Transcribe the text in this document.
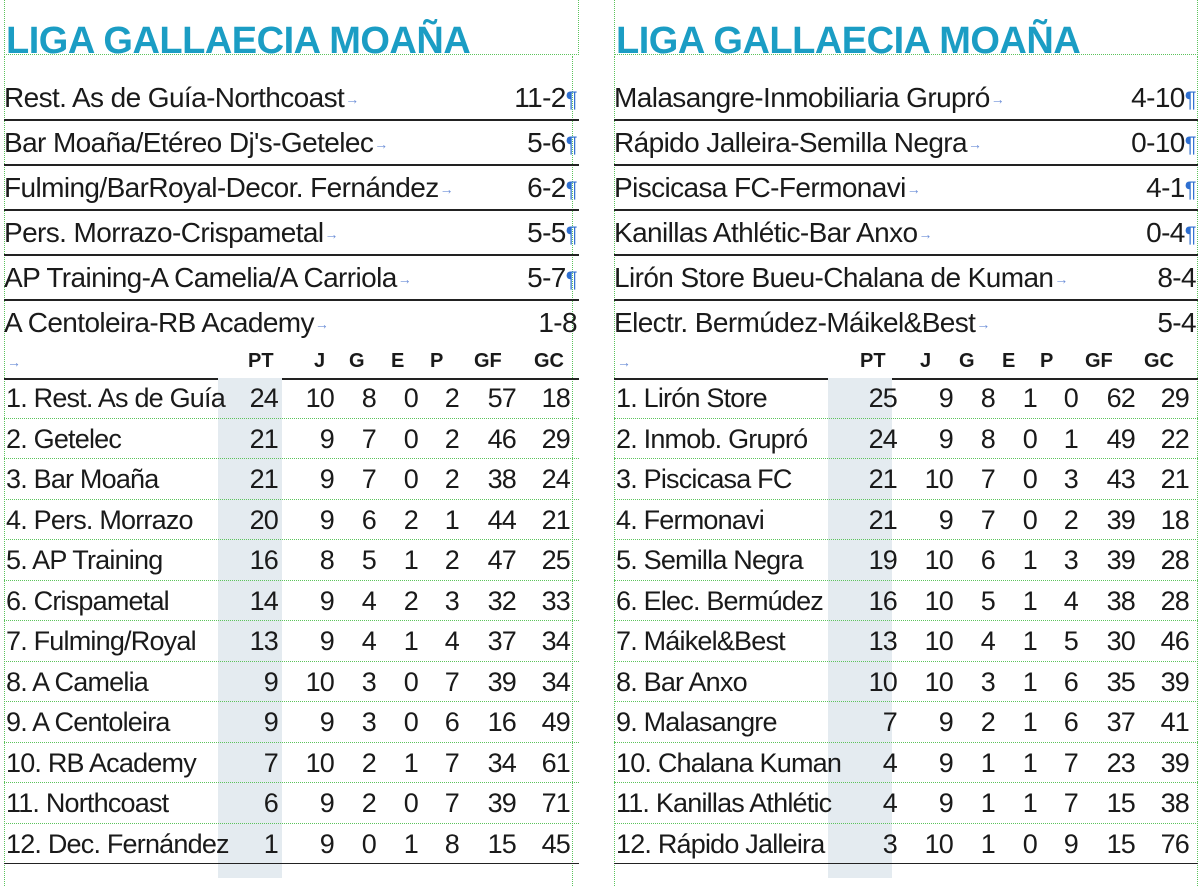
LIGA GALLAECIA MOAÑA
Rest. As de Guía-Northcoast→	11-2¶
Bar Moaña/Etéreo Dj's-Getelec→	5-6¶
Fulming/BarRoyal-Decor. Fernández→	6-2¶
Pers. Morrazo-Crispametal→	5-5¶
AP Training-A Camelia/A Carriola→	5-7¶
A Centoleira-RB Academy→	1-8
→	PT J G E P GF GC
1. Rest. As de Guía 24 10 8 0 2 57 18
2. Getelec	21 9 7 0 2 46 29
3. Bar Moaña	21 9 7 0 2 38 24
4. Pers. Morrazo 20 9 6 2 1 44 21
5. AP Training	16 8 5 1 2 47 25
6. Crispametal	14 9 4 2 3 32 33
7. Fulming/Royal 13 9 4 1 4 37 34
8. A Camelia	9 10 3 0 7 39 34
9. A Centoleira	9 9 3 0 6 16 49
10. RB Academy	7 10 2 1 7 34 61
11. Northcoast	6 9 2 0 7 39 71
12. Dec. Fernández 1 9 0 1 8 15 45
LIGA GALLAECIA MOAÑA
Malasangre-Inmobiliaria Grupró→	4-10¶
Rápido Jalleira-Semilla Negra→	0-10¶
Piscicasa FC-Fermonavi→	4-1¶
Kanillas Athlétic-Bar Anxo→	0-4¶
Lirón Store Bueu-Chalana de Kuman→	8-4
Electr. Bermúdez-Máikel&Best→	5-4
→	PT J G E P GF GC
1. Lirón Store	25 9 8 1 0 62 29
2. Inmob. Grupró 24 9 8 0 1 49 22
3. Piscicasa FC	21 10 7 0 3 43 21
4. Fermonavi	21 9 7 0 2 39 18
5. Semilla Negra 19 10 6 1 3 39 28
6. Elec. Bermúdez 16 10 5 1 4 38 28
7. Máikel&Best	13 10 4 1 5 30 46
8. Bar Anxo	10 10 3 1 6 35 39
9. Malasangre	7 9 2 1 6 37 41
10. Chalana Kuman 4 9 1 1 7 23 39
11. Kanillas Athlétic 4 9 1 1 7 15 38
12. Rápido Jalleira 3 10 1 0 9 15 76
